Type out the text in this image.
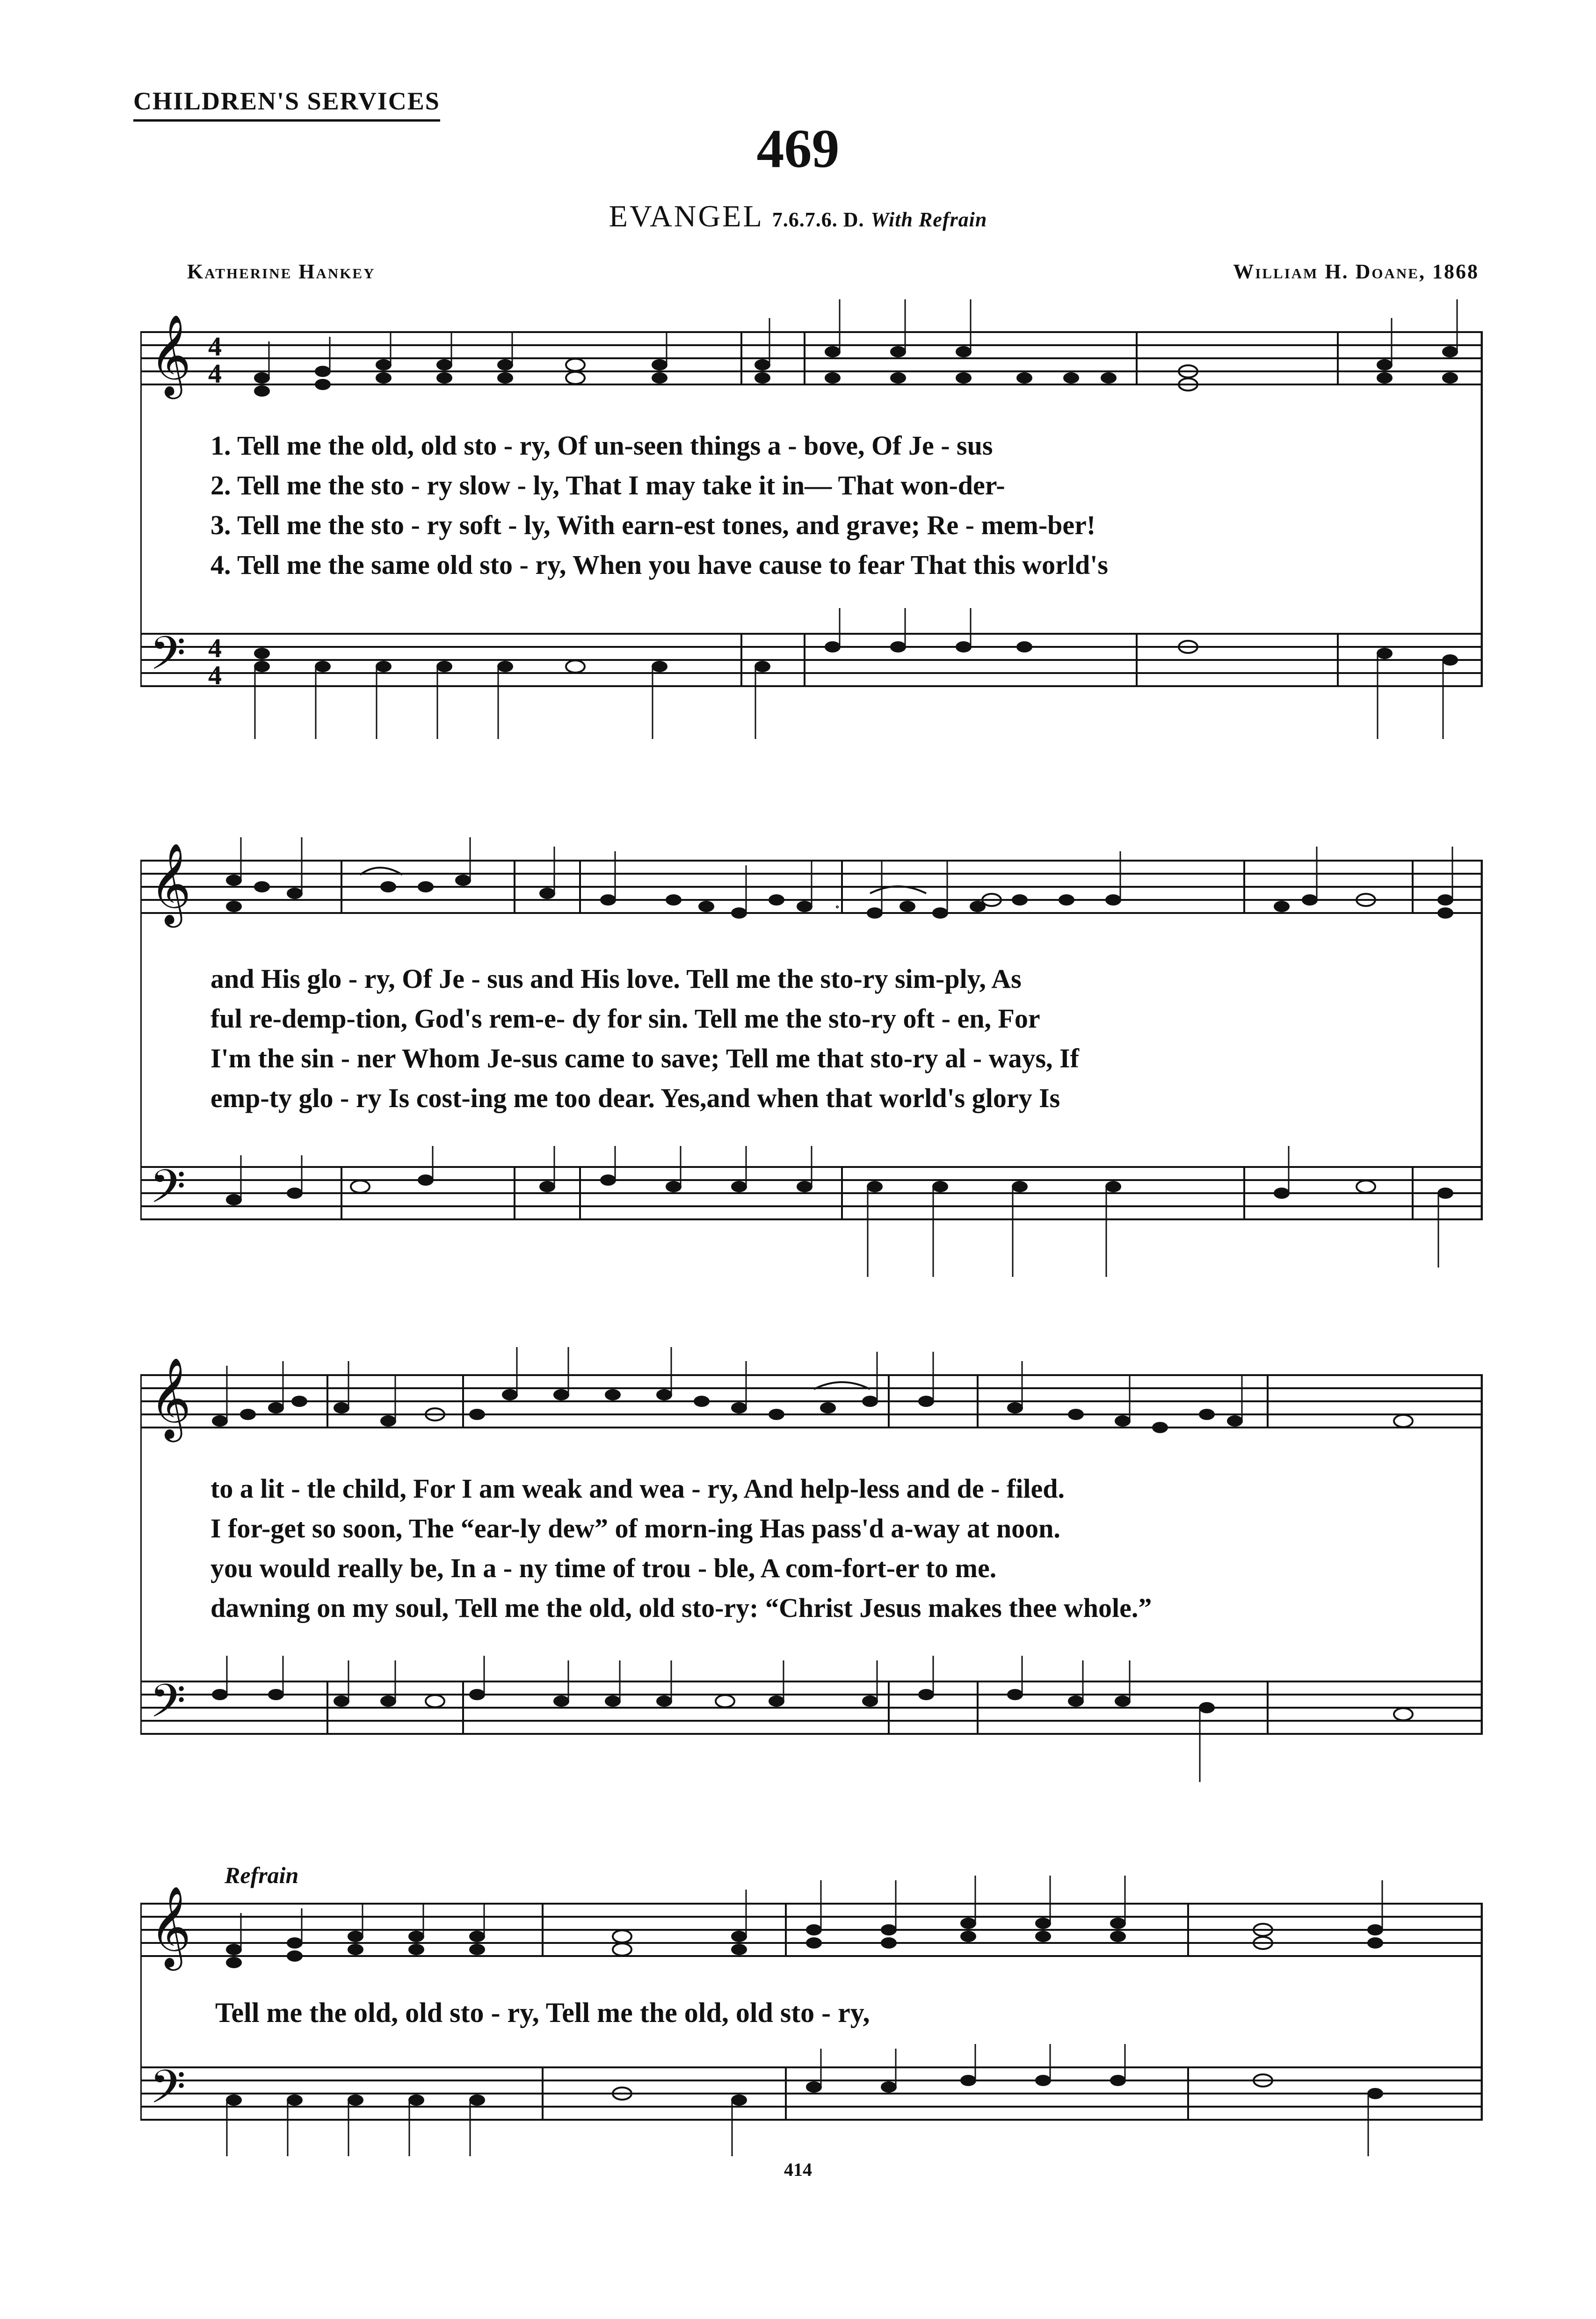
CHILDREN'S SERVICES
469
EVANGEL 7.6.7.6. D. With Refrain
Katherine Hankey	William H. Doane, 1868
𝄞
𝄢
4
4
4
4
1. Tell me the old, old sto - ry, Of un-seen things a - bove, Of Je - sus
2. Tell me the sto - ry slow - ly, That I may take it in— That won-der-
3. Tell me the sto - ry soft - ly, With earn-est tones, and grave; Re - mem-ber!
4. Tell me the same old sto - ry, When you have cause to fear That this world's
𝄞
𝄢
and His glo - ry, Of Je - sus and His love. Tell me the sto-ry sim-ply, As
ful re-demp-tion, God's rem-e- dy for sin. Tell me the sto-ry oft - en, For
I'm the sin - ner Whom Je-sus came to save; Tell me that sto-ry al - ways, If
emp-ty glo - ry Is cost-ing me too dear. Yes,and when that world's glory Is
𝄞
𝄢
to a lit - tle child, For I am weak and wea - ry, And help-less and de - filed.
I for-get so soon, The “ear-ly dew” of morn-ing Has pass'd a-way at noon.
you would really be, In a - ny time of trou - ble, A com-fort-er to me.
dawning on my soul, Tell me the old, old sto-ry: “Christ Jesus makes thee whole.”
Refrain
𝄞
𝄢
Tell me the old, old sto - ry, Tell me the old, old sto - ry,
414
